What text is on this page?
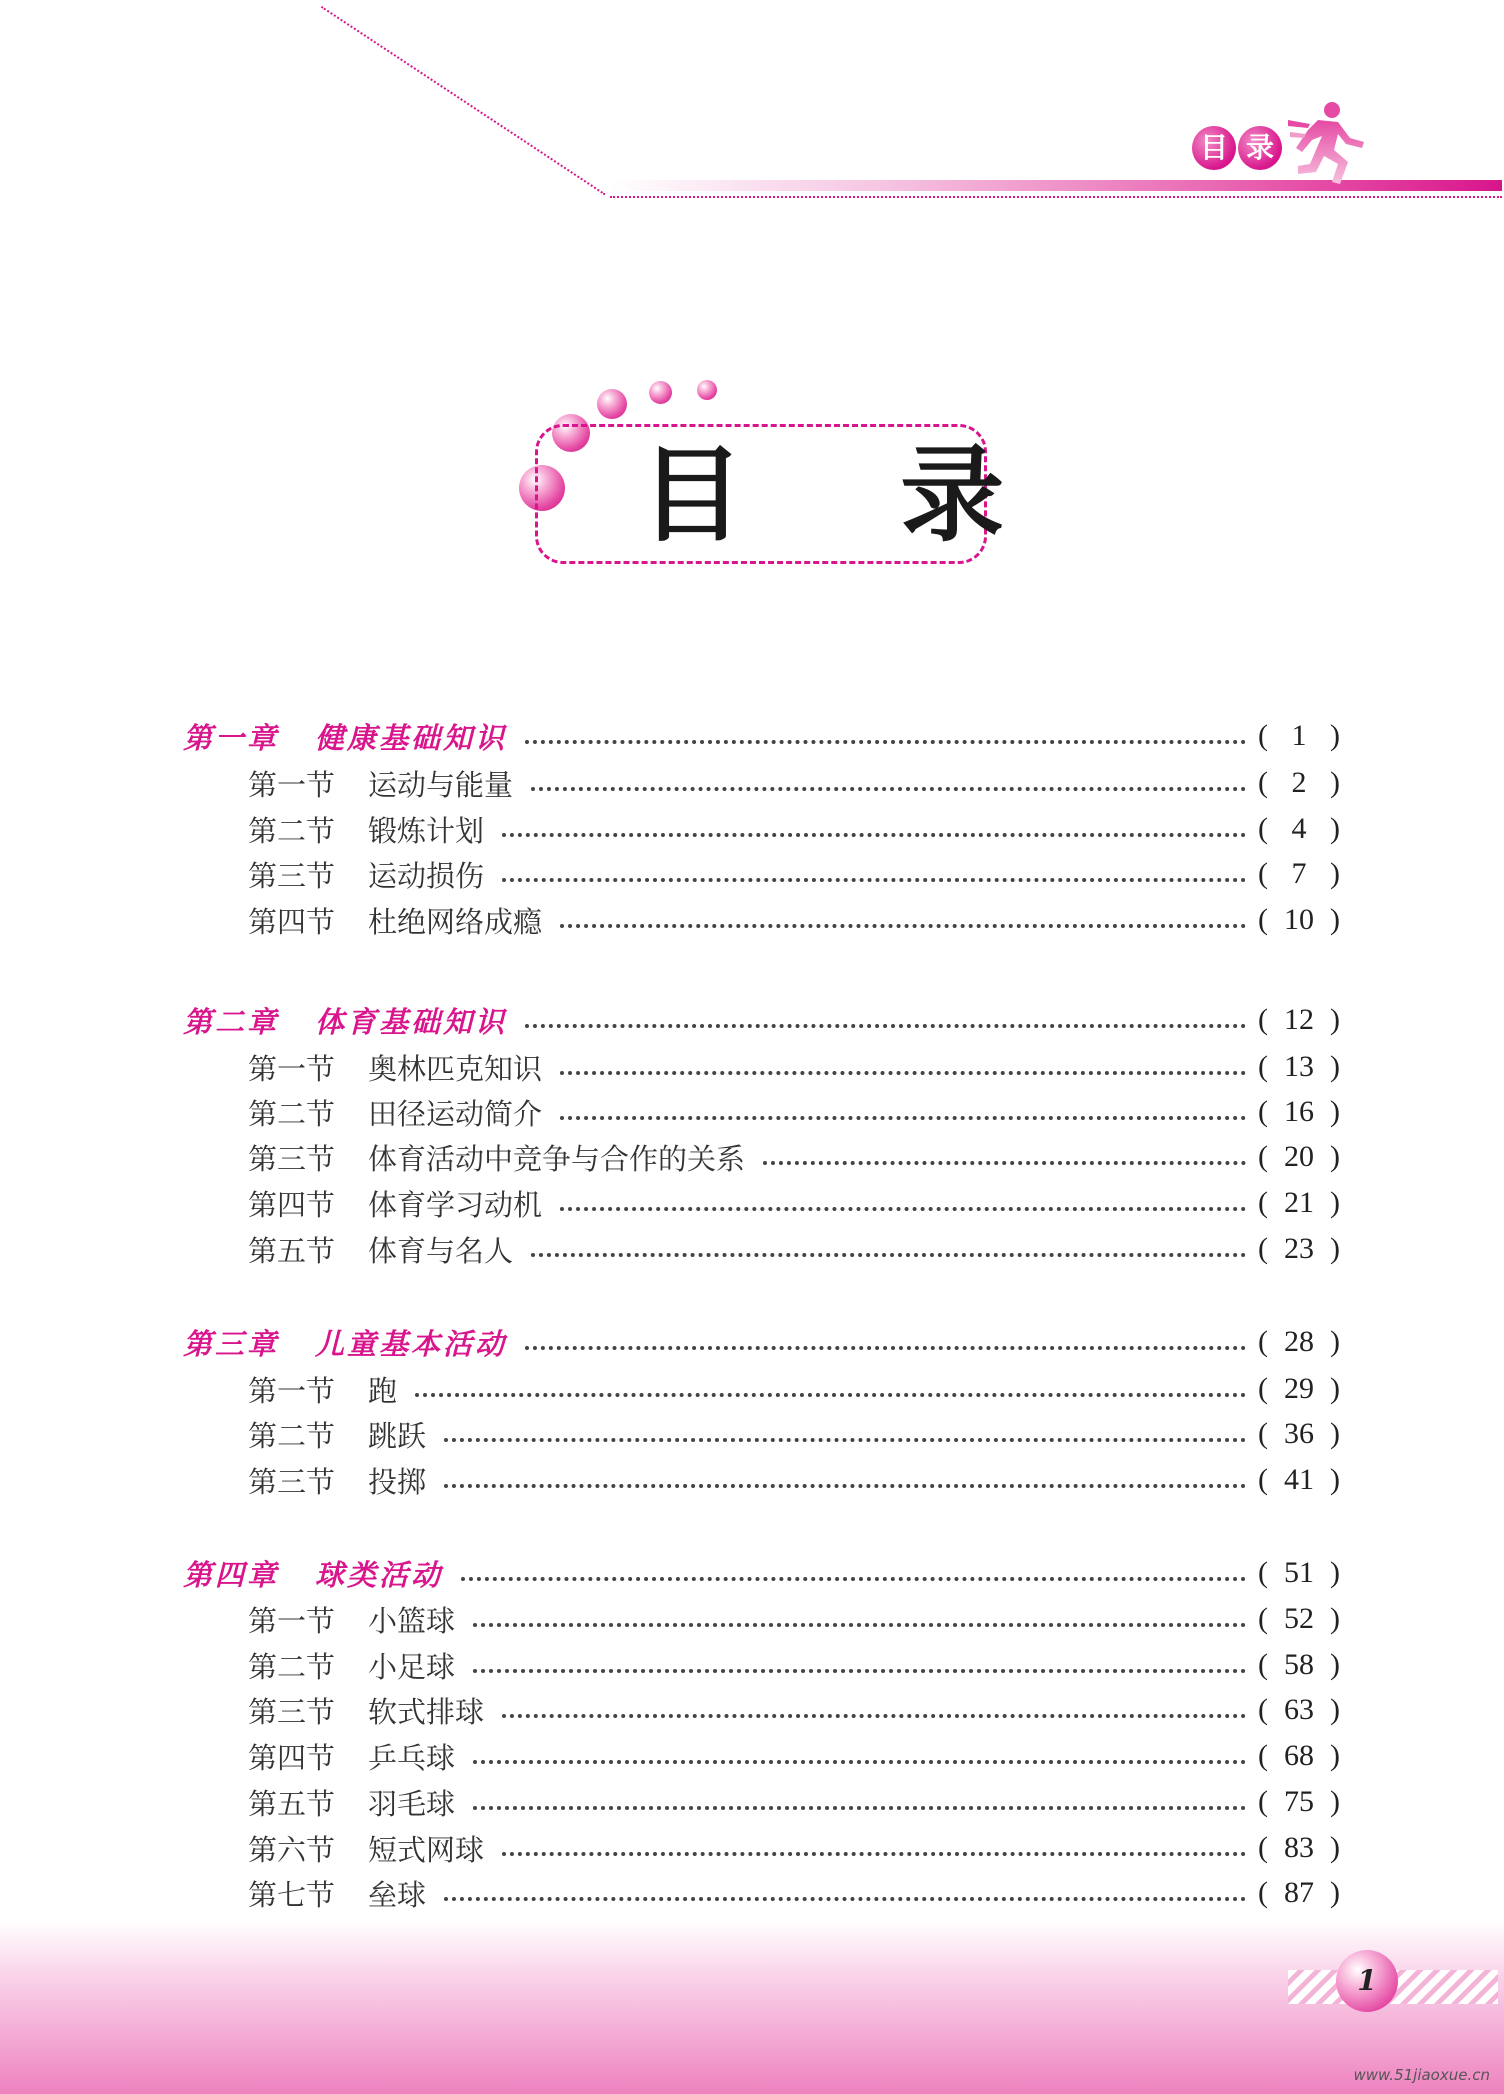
目 录
目 录
第一章 健康基础知识	( 1 )
第一节	运动与能量	( 2 )
第二节	锻炼计划	( 4 )
第三节	运动损伤	( 7 )
第四节	杜绝网络成瘾	( 10 )
第二章 体育基础知识	( 12 )
第一节	奥林匹克知识	( 13 )
第二节	田径运动简介	( 16 )
第三节	体育活动中竞争与合作的关系	( 20 )
第四节	体育学习动机	( 21 )
第五节	体育与名人	( 23 )
第三章 儿童基本活动	( 28 )
第一节	跑	( 29 )
第二节	跳跃	( 36 )
第三节	投掷	( 41 )
第四章 球类活动	( 51 )
第一节	小篮球	( 52 )
第二节	小足球	( 58 )
第三节	软式排球	( 63 )
第四节	乒乓球	( 68 )
第五节	羽毛球	( 75 )
第六节	短式网球	( 83 )
第七节	垒球	( 87 )
1
www.51jiaoxue.cn
